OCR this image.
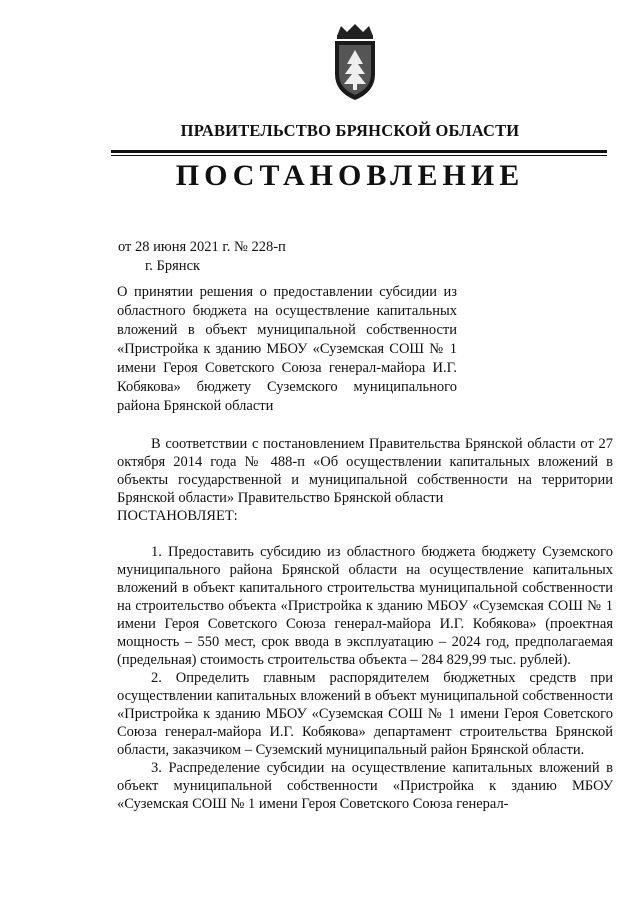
ПРАВИТЕЛЬСТВО БРЯНСКОЙ ОБЛАСТИ
ПОСТАНОВЛЕНИЕ
от 28 июня 2021 г. № 228-п
г. Брянск
О принятии решения о предоставлении субсидии из областного бюджета на осуществление капитальных вложений в объект муниципальной собственности «Пристройка к зданию МБОУ «Суземская СОШ № 1 имени Героя Советского Союза генерал-майора И.Г. Кобякова» бюджету Суземского муниципального района Брянской области

В соответствии с постановлением Правительства Брянской области от 27 октября 2014 года № 488-п «Об осуществлении капитальных вложений в объекты государственной и муниципальной собственности на территории Брянской области» Правительство Брянской области

ПОСТАНОВЛЯЕТ:

1. Предоставить субсидию из областного бюджета бюджету Суземского муниципального района Брянской области на осуществление капитальных вложений в объект капитального строительства муниципальной собственности на строительство объекта «Пристройка к зданию МБОУ «Суземская СОШ № 1 имени Героя Советского Союза генерал-майора И.Г. Кобякова» (проектная мощность – 550 мест, срок ввода в эксплуатацию – 2024 год, предполагаемая (предельная) стоимость строительства объекта – 284 829,99 тыс. рублей).

2. Определить главным распорядителем бюджетных средств при осуществлении капитальных вложений в объект муниципальной собственности «Пристройка к зданию МБОУ «Суземская СОШ № 1 имени Героя Советского Союза генерал-майора И.Г. Кобякова» департамент строительства Брянской области, заказчиком – Суземский муниципальный район Брянской области.

3. Распределение субсидии на осуществление капитальных вложений в объект муниципальной собственности «Пристройка к зданию МБОУ «Суземская СОШ № 1 имени Героя Советского Союза генерал-
